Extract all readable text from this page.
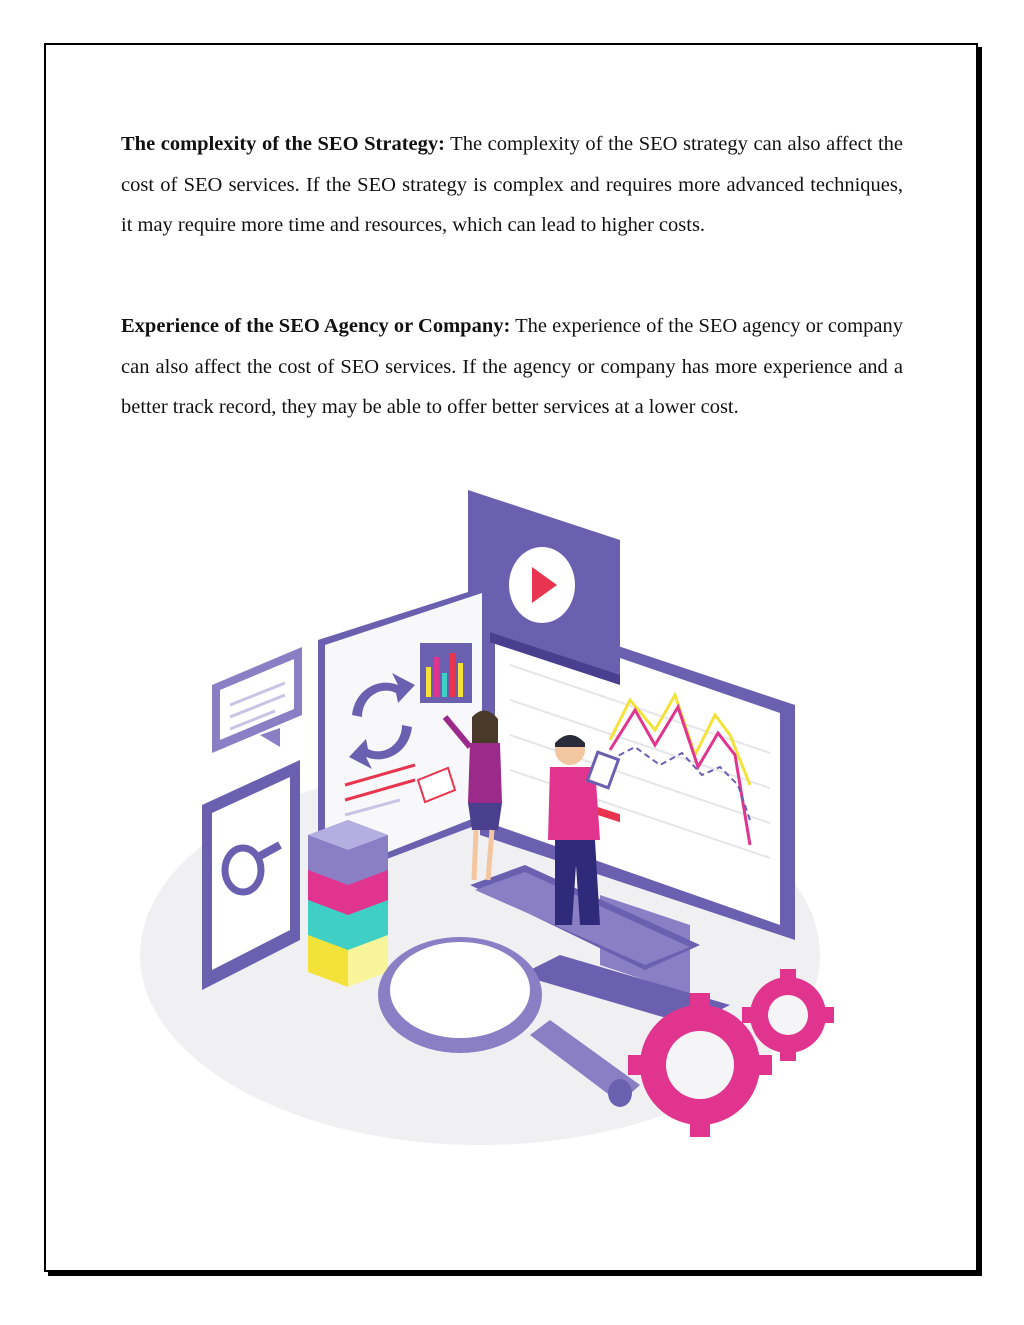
The complexity of the SEO Strategy: The complexity of the SEO strategy can also affect the cost of SEO services. If the SEO strategy is complex and requires more advanced techniques, it may require more time and resources, which can lead to higher costs.

Experience of the SEO Agency or Company: The experience of the SEO agency or company can also affect the cost of SEO services. If the agency or company has more experience and a better track record, they may be able to offer better services at a lower cost.
